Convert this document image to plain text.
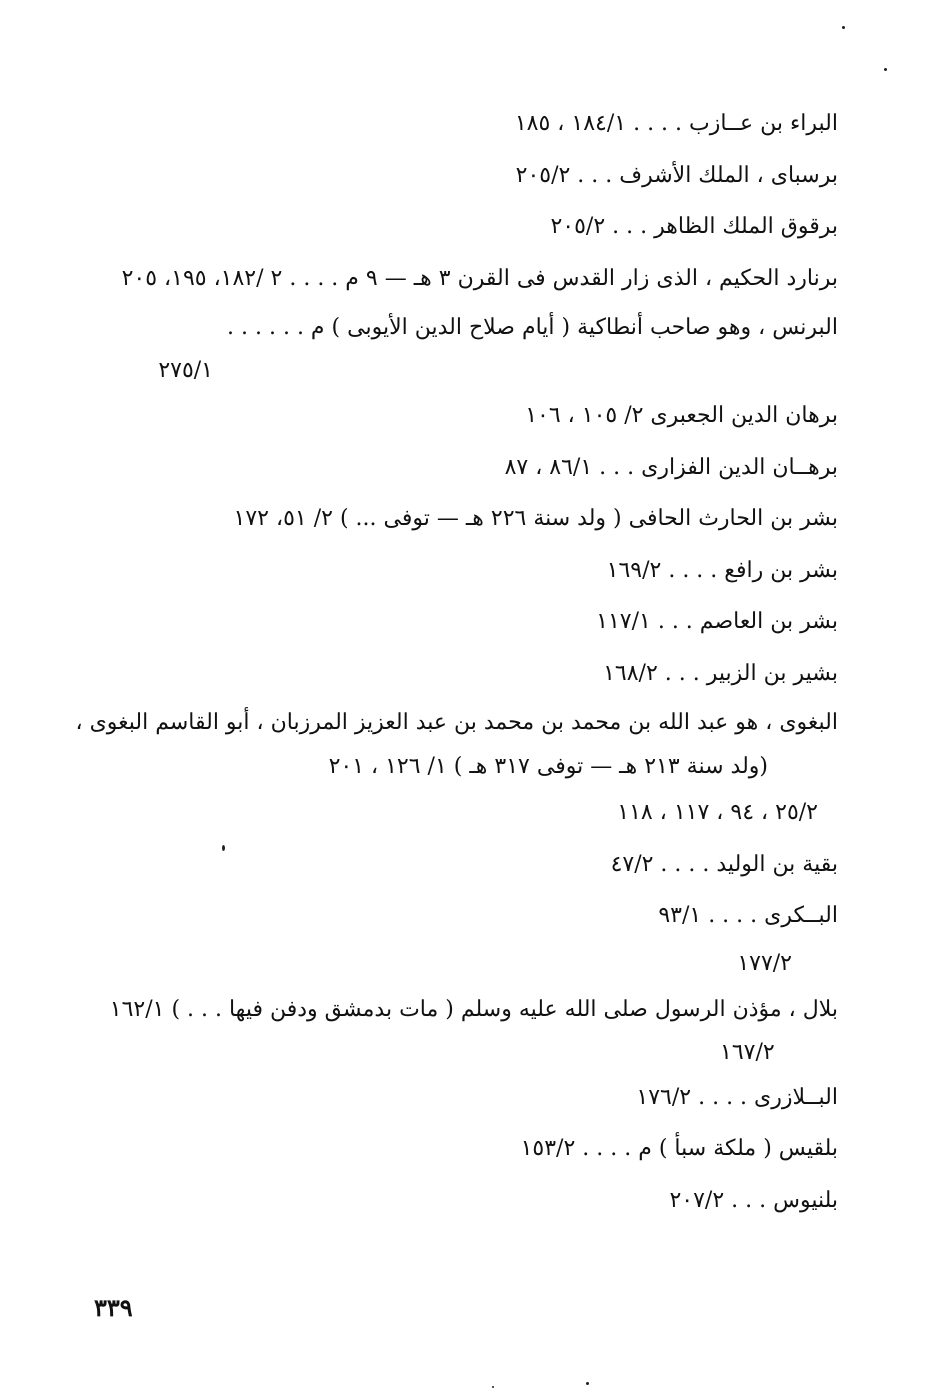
البراء بن عــازب . . . . ١٨٤/١ ، ١٨٥
برسباى ، الملك الأشرف . . . ٢٠٥/٢
برقوق الملك الظاهر . . . ٢٠٥/٢
برنارد الحكيم ، الذى زار القدس فى القرن ٣ هـ — ٩ م . . . . ٢ /١٨٢، ١٩٥، ٢٠٥
البرنس ، وهو صاحب أنطاكية ( أيام صلاح الدين الأيوبى ) م . . . . . .
٢٧٥/١
برهان الدين الجعبرى ٢/ ١٠٥ ، ١٠٦
برهــان الدين الفزارى . . . ٨٦/١ ، ٨٧
بشر بن الحارث الحافى ( ولد سنة ٢٢٦ هـ — توفى ... ) ٢/ ٥١، ١٧٢
بشر بن رافع . . . . ١٦٩/٢
بشر بن العاصم . . . ١١٧/١
بشير بن الزبير . . . ١٦٨/٢
البغوى ، هو عبد الله بن محمد بن محمد بن عبد العزيز المرزبان ، أبو القاسم البغوى ،
(ولد سنة ٢١٣ هـ — توفى ٣١٧ هـ ) ١/ ١٢٦ ، ٢٠١
٢٥/٢ ، ٩٤ ، ١١٧ ، ١١٨
بقية بن الوليد . . . . ٤٧/٢
البــكرى . . . . ٩٣/١
١٧٧/٢
بلال ، مؤذن الرسول صلى الله عليه وسلم ( مات بدمشق ودفن فيها . . . ) ١٦٢/١
١٦٧/٢
البــلازرى . . . . ١٧٦/٢
بلقيس ( ملكة سبأ ) م . . . . ١٥٣/٢
بلنيوس . . . ٢٠٧/٢
٣٣٩
